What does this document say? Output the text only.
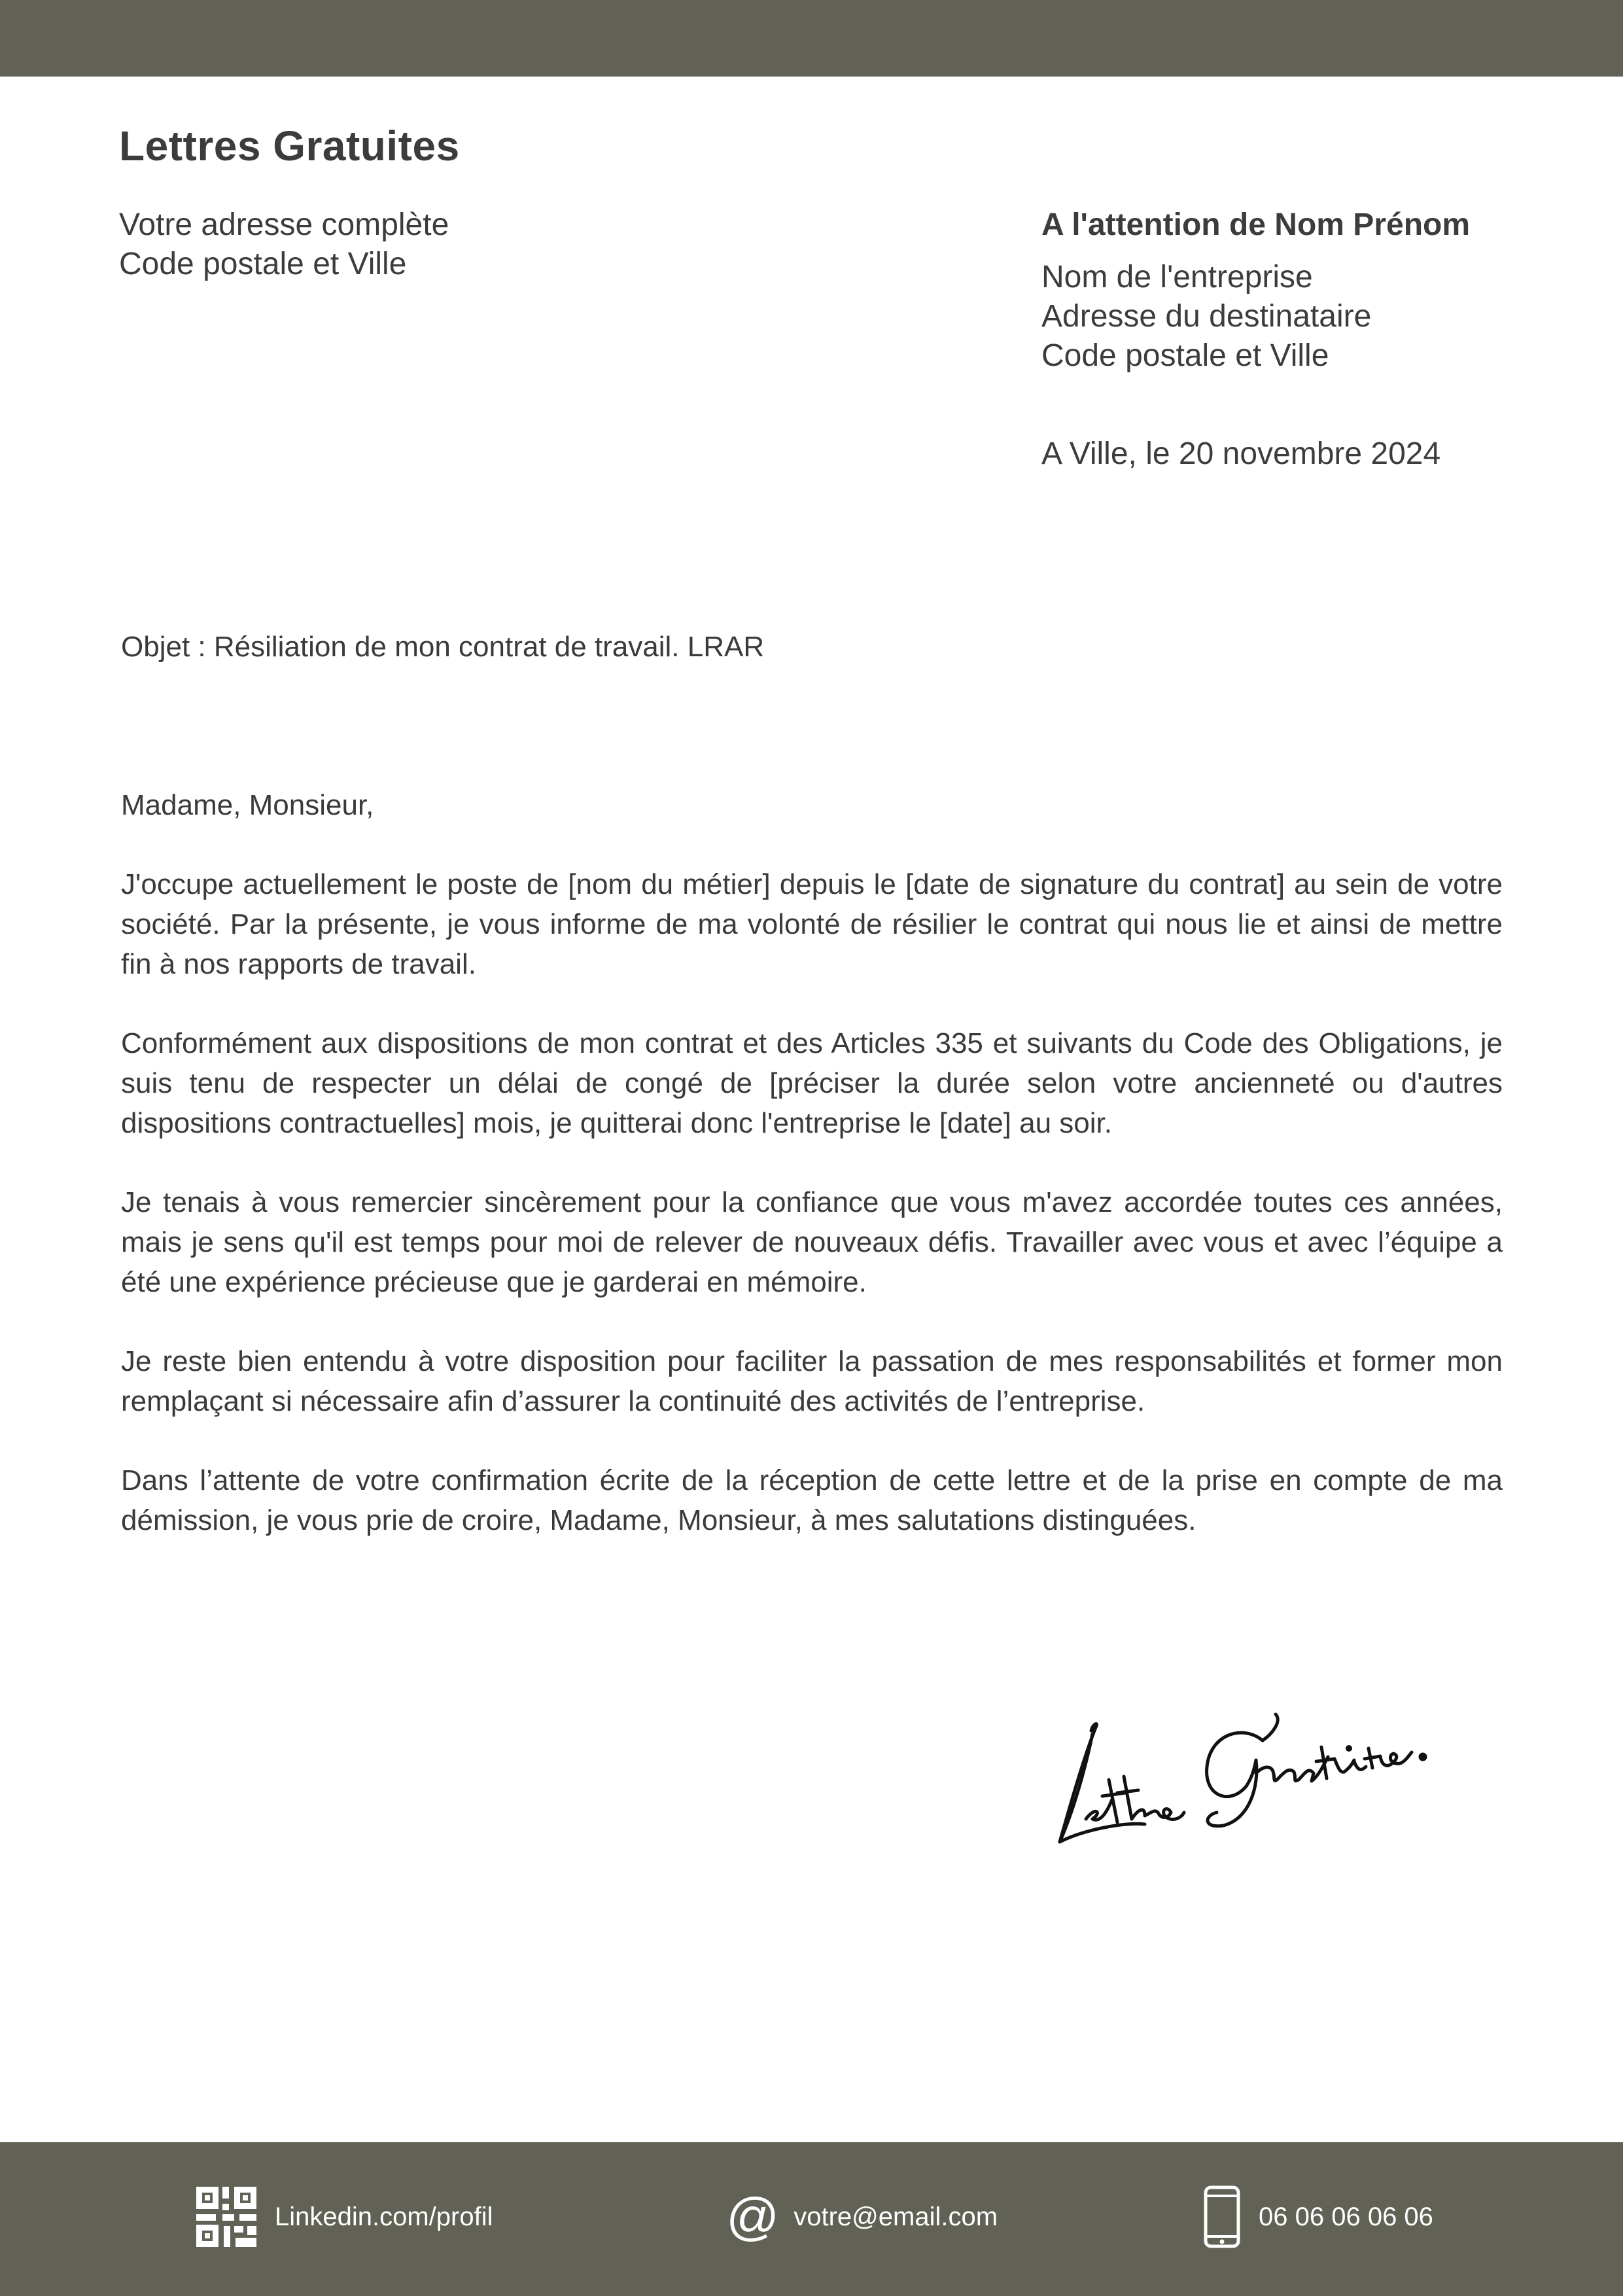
Lettres Gratuites
Votre adresse complète
Code postale et Ville
A l'attention de Nom Prénom
Nom de l'entreprise
Adresse du destinataire
Code postale et Ville
A Ville, le 20 novembre 2024
Objet : Résiliation de mon contrat de travail. LRAR

Madame, Monsieur,

J'occupe actuellement le poste de [nom du métier] depuis le [date de signature du contrat] au sein de votre société. Par la présente, je vous informe de ma volonté de résilier le contrat qui nous lie et ainsi de mettre fin à nos rapports de travail.

Conformément aux dispositions de mon contrat et des Articles 335 et suivants du Code des Obligations, je suis tenu de respecter un délai de congé de [préciser la durée selon votre ancienneté ou d'autres dispositions contractuelles] mois, je quitterai donc l'entreprise le [date] au soir.

Je tenais à vous remercier sincèrement pour la confiance que vous m'avez accordée toutes ces années, mais je sens qu'il est temps pour moi de relever de nouveaux défis. Travailler avec vous et avec l’équipe a été une expérience précieuse que je garderai en mémoire.

Je reste bien entendu à votre disposition pour faciliter la passation de mes responsabilités et former mon remplaçant si nécessaire afin d’assurer la continuité des activités de l’entreprise.

Dans l’attente de votre confirmation écrite de la réception de cette lettre et de la prise en compte de ma démission, je vous prie de croire, Madame, Monsieur, à mes salutations distinguées.

Lettres Gratuites.
Linkedin.com/profil	@ votre@email.com	06 06 06 06 06
